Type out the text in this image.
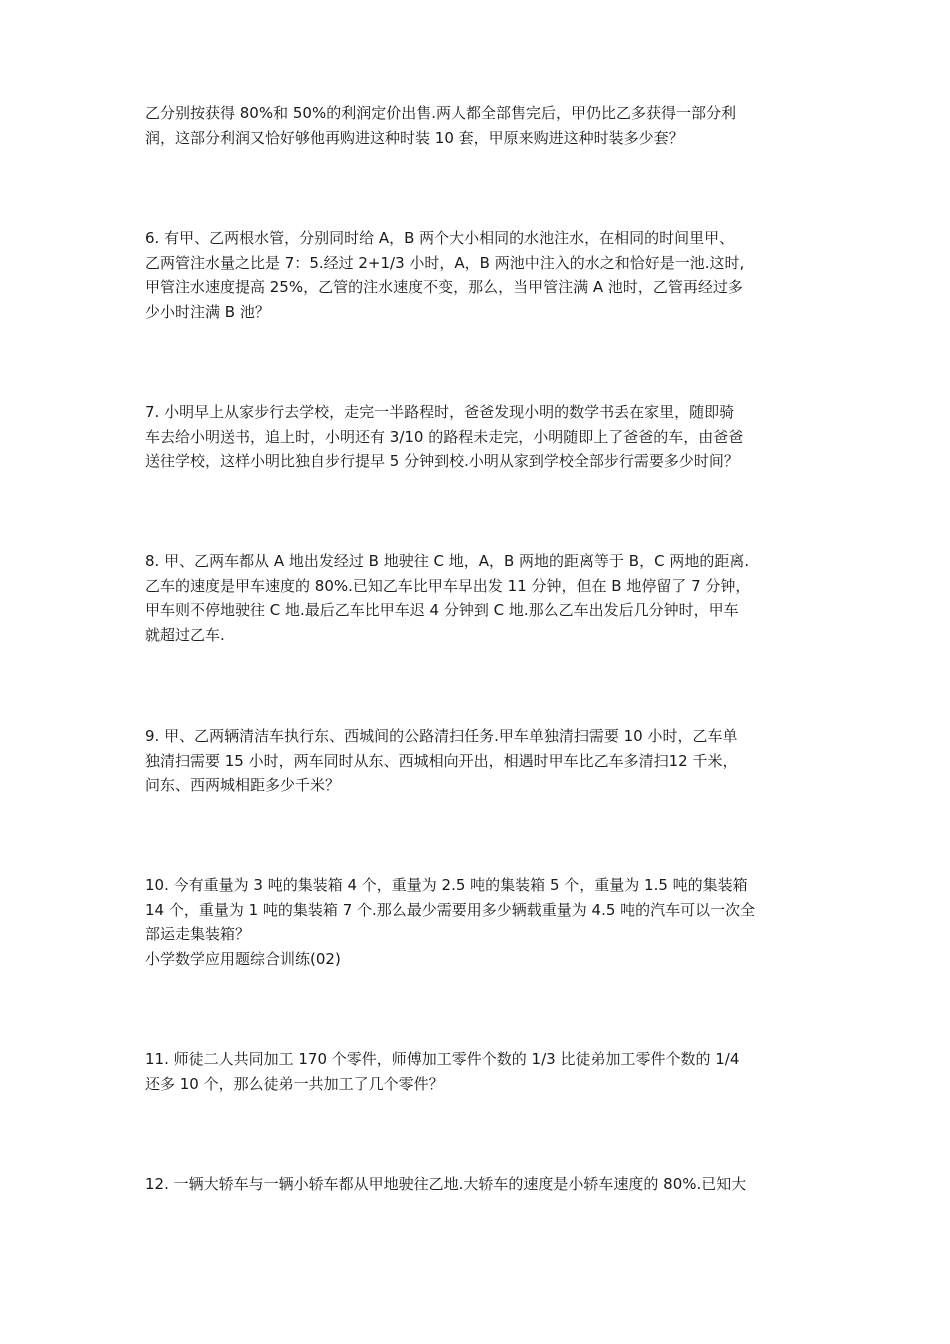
乙分别按获得 80%和 50%的利润定价出售.两人都全部售完后，甲仍比乙多获得一部分利
润，这部分利润又恰好够他再购进这种时装 10 套，甲原来购进这种时装多少套？

6. 有甲、乙两根水管，分别同时给 A，B 两个大小相同的水池注水，在相同的时间里甲、
乙两管注水量之比是 7：5.经过 2+1/3 小时，A，B 两池中注入的水之和恰好是一池.这时,
甲管注水速度提高 25%，乙管的注水速度不变，那么，当甲管注满 A 池时，乙管再经过多
少小时注满 B 池？

7. 小明早上从家步行去学校，走完一半路程时，爸爸发现小明的数学书丢在家里，随即骑
车去给小明送书，追上时，小明还有 3/10 的路程未走完，小明随即上了爸爸的车，由爸爸
送往学校，这样小明比独自步行提早 5 分钟到校.小明从家到学校全部步行需要多少时间？

8. 甲、乙两车都从 A 地出发经过 B 地驶往 C 地，A，B 两地的距离等于 B，C 两地的距离.
乙车的速度是甲车速度的 80%.已知乙车比甲车早出发 11 分钟，但在 B 地停留了 7 分钟，
甲车则不停地驶往 C 地.最后乙车比甲车迟 4 分钟到 C 地.那么乙车出发后几分钟时，甲车
就超过乙车.

9. 甲、乙两辆清洁车执行东、西城间的公路清扫任务.甲车单独清扫需要 10 小时，乙车单
独清扫需要 15 小时，两车同时从东、西城相向开出，相遇时甲车比乙车多清扫12 千米，
问东、西两城相距多少千米？

10. 今有重量为 3 吨的集装箱 4 个，重量为 2.5 吨的集装箱 5 个，重量为 1.5 吨的集装箱
14 个，重量为 1 吨的集装箱 7 个.那么最少需要用多少辆载重量为 4.5 吨的汽车可以一次全
部运走集装箱？
小学数学应用题综合训练(02)

11. 师徒二人共同加工 170 个零件，师傅加工零件个数的 1/3 比徒弟加工零件个数的 1/4
还多 10 个，那么徒弟一共加工了几个零件？

12. 一辆大轿车与一辆小轿车都从甲地驶往乙地.大轿车的速度是小轿车速度的 80%.已知大
